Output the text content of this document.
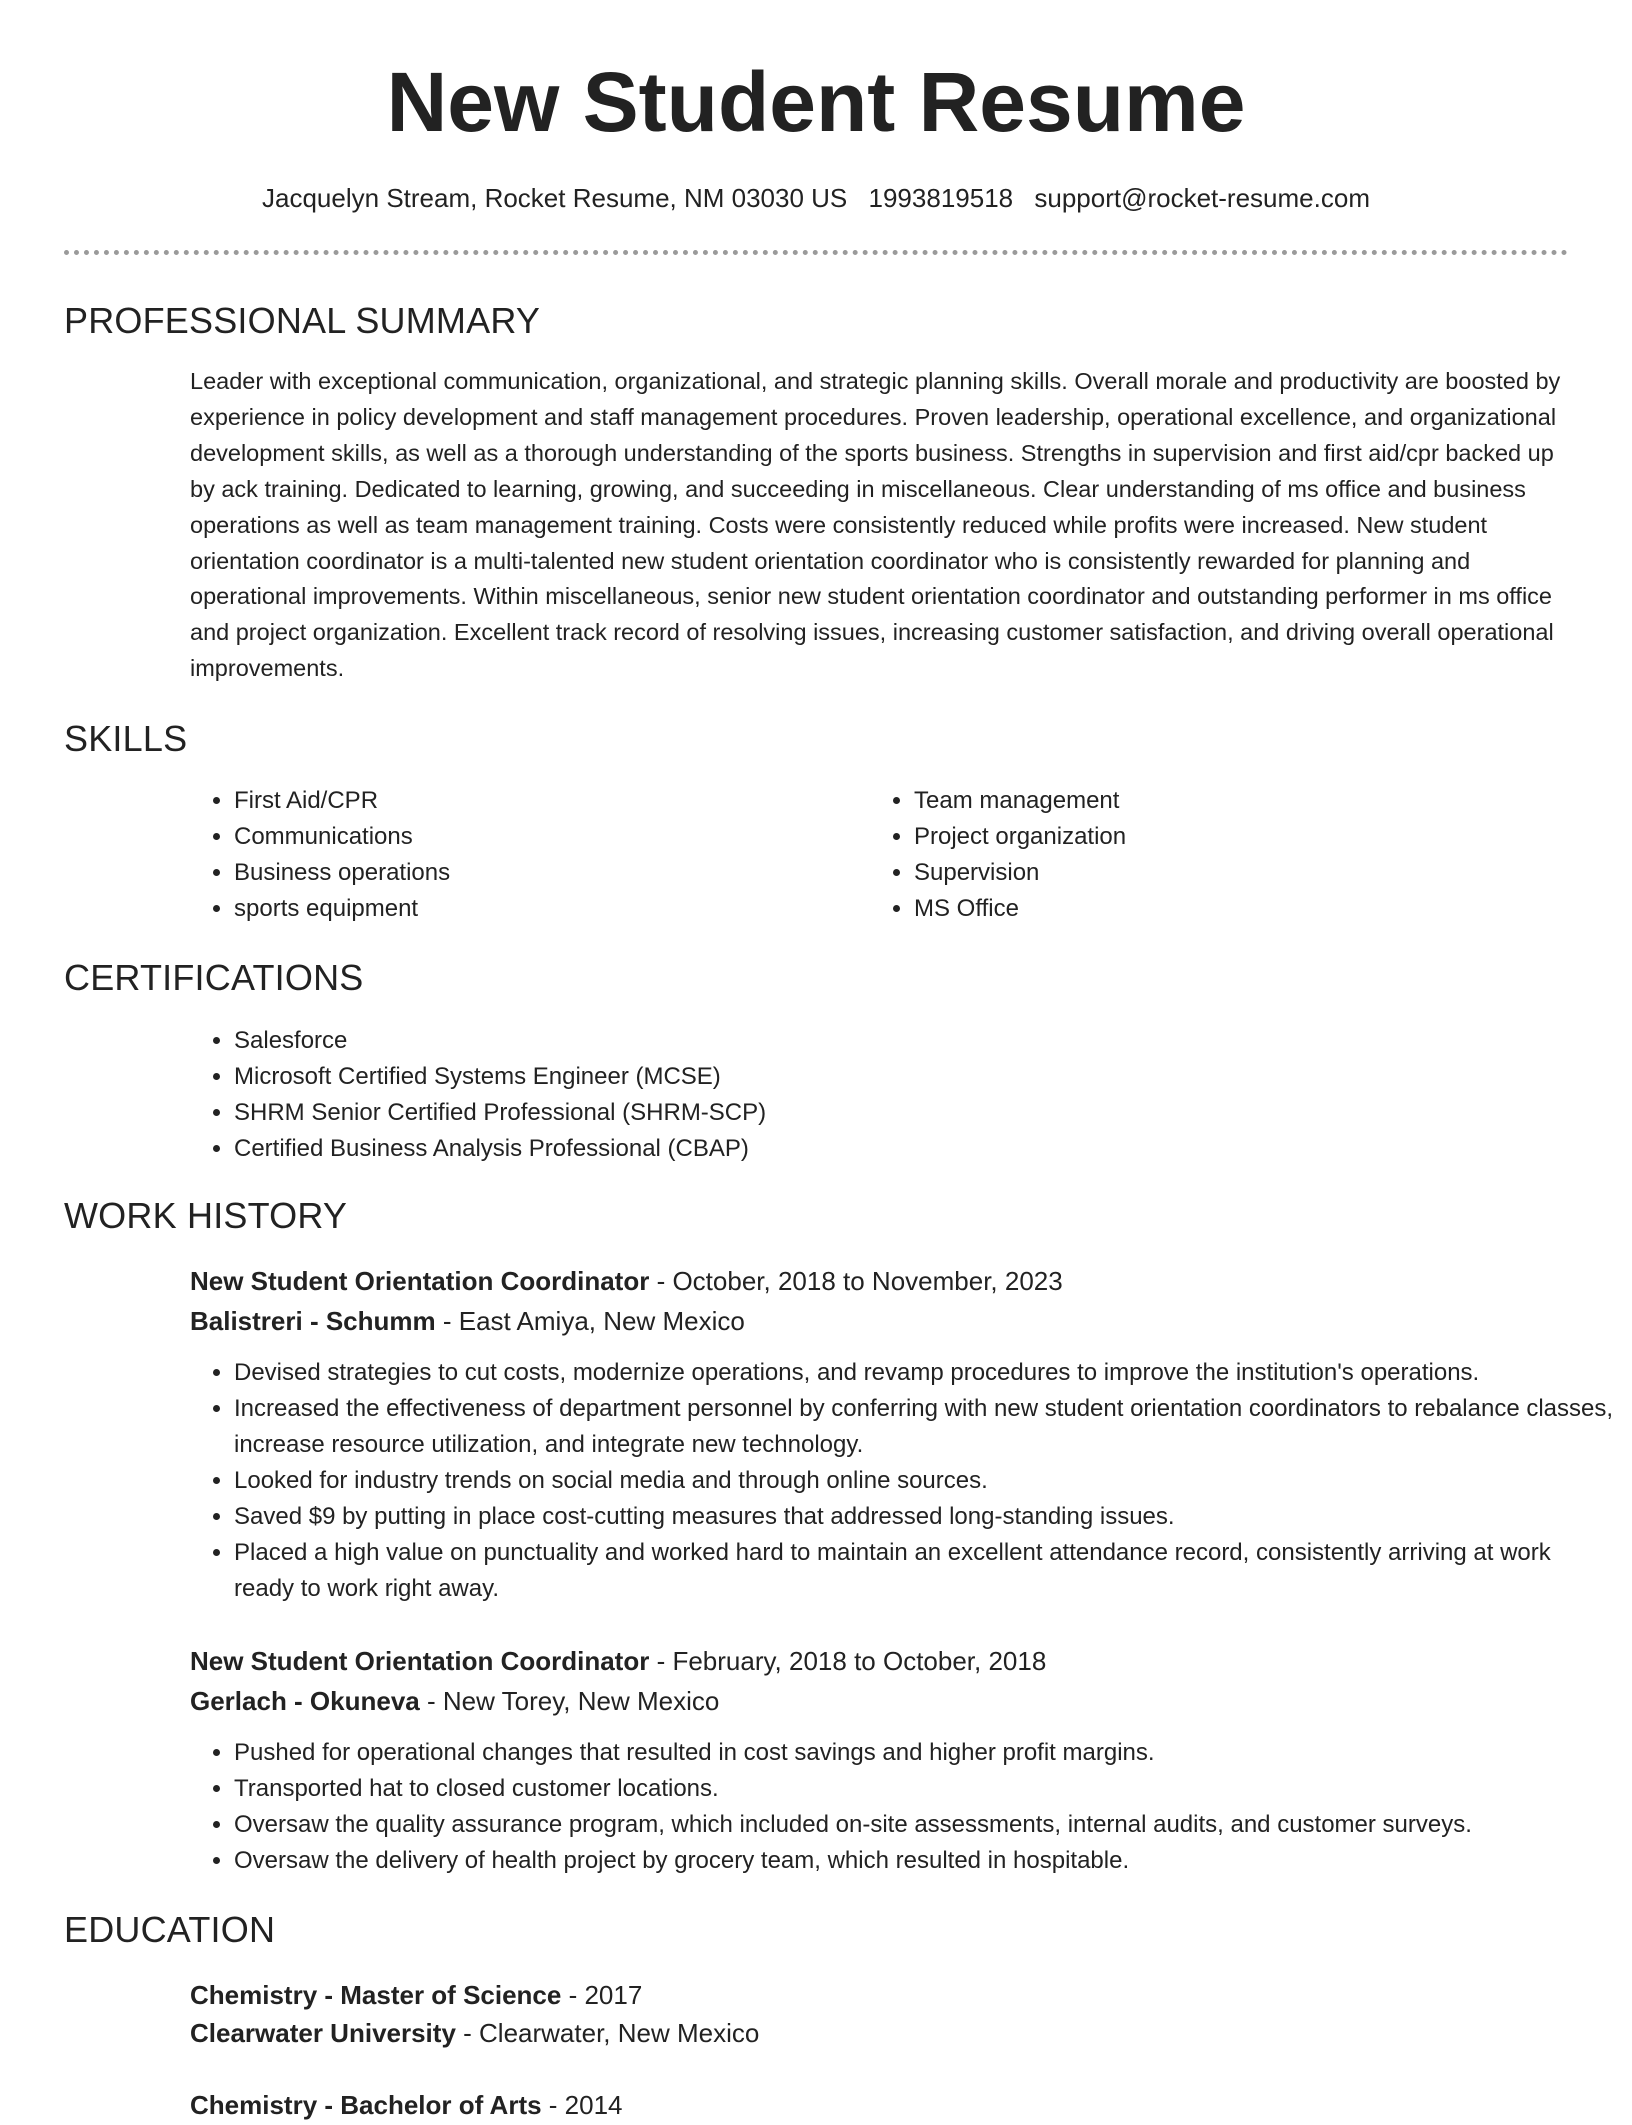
New Student Resume
Jacquelyn Stream, Rocket Resume, NM 03030 US 1993819518 support@rocket-resume.com
PROFESSIONAL SUMMARY
Leader with exceptional communication, organizational, and strategic planning skills. Overall morale and productivity are boosted by experience in policy development and staff management procedures. Proven leadership, operational excellence, and organizational development skills, as well as a thorough understanding of the sports business. Strengths in supervision and first aid/cpr backed up by ack training. Dedicated to learning, growing, and succeeding in miscellaneous. Clear understanding of ms office and business operations as well as team management training. Costs were consistently reduced while profits were increased. New student orientation coordinator is a multi-talented new student orientation coordinator who is consistently rewarded for planning and operational improvements. Within miscellaneous, senior new student orientation coordinator and outstanding performer in ms office and project organization. Excellent track record of resolving issues, increasing customer satisfaction, and driving overall operational improvements.
SKILLS
• First Aid/CPR
• Communications
• Business operations
• sports equipment
• Team management
• Project organization
• Supervision
• MS Office
CERTIFICATIONS
• Salesforce
• Microsoft Certified Systems Engineer (MCSE)
• SHRM Senior Certified Professional (SHRM-SCP)
• Certified Business Analysis Professional (CBAP)
WORK HISTORY
New Student Orientation Coordinator - October, 2018 to November, 2023
Balistreri - Schumm - East Amiya, New Mexico
• Devised strategies to cut costs, modernize operations, and revamp procedures to improve the institution's operations.
• Increased the effectiveness of department personnel by conferring with new student orientation coordinators to rebalance classes, increase resource utilization, and integrate new technology.
• Looked for industry trends on social media and through online sources.
• Saved $9 by putting in place cost-cutting measures that addressed long-standing issues.
• Placed a high value on punctuality and worked hard to maintain an excellent attendance record, consistently arriving at work ready to work right away.
New Student Orientation Coordinator - February, 2018 to October, 2018
Gerlach - Okuneva - New Torey, New Mexico
• Pushed for operational changes that resulted in cost savings and higher profit margins.
• Transported hat to closed customer locations.
• Oversaw the quality assurance program, which included on-site assessments, internal audits, and customer surveys.
• Oversaw the delivery of health project by grocery team, which resulted in hospitable.
EDUCATION
Chemistry - Master of Science - 2017
Clearwater University - Clearwater, New Mexico
Chemistry - Bachelor of Arts - 2014
